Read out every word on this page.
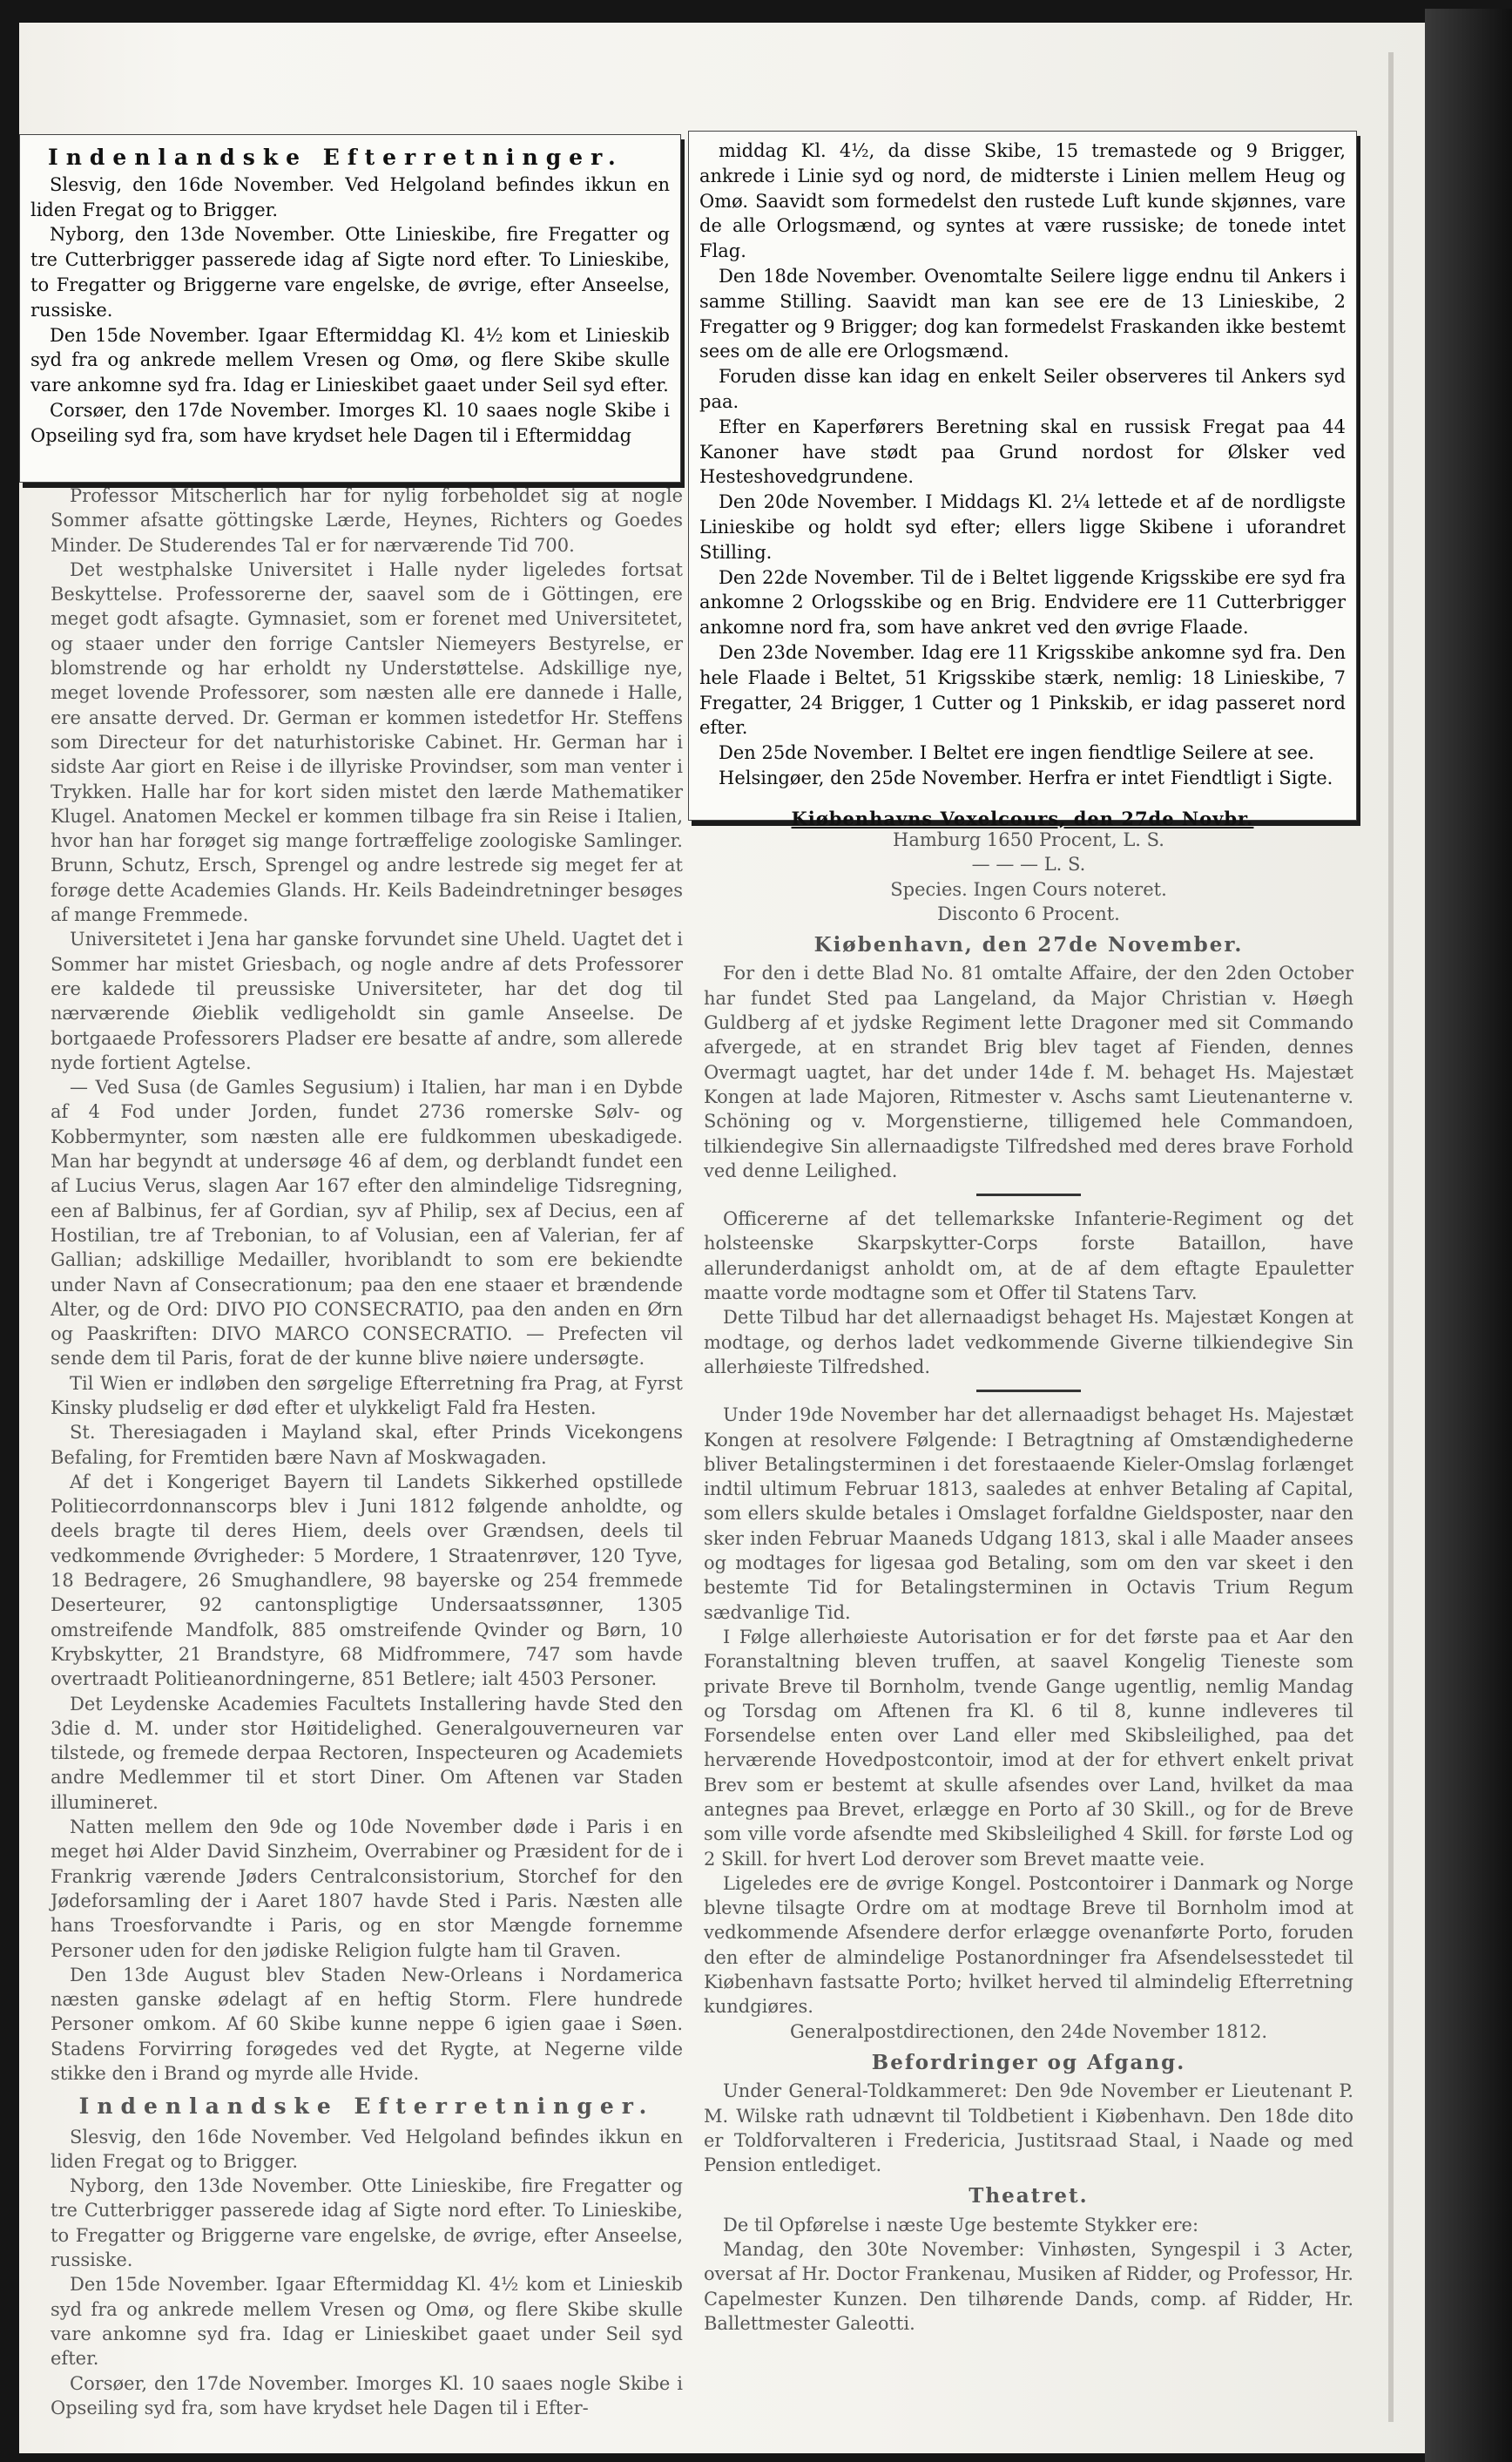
Professor Mitscherlich har for nylig forbeholdet sig at nogle Sommer afsatte göttingske Lærde, Heynes, Richters og Goedes Minder. De Studerendes Tal er for nærværende Tid 700.

Det westphalske Universitet i Halle nyder ligeledes fortsat Beskyttelse. Professorerne der, saavel som de i Göttingen, ere meget godt afsagte. Gymnasiet, som er forenet med Universitetet, og staaer under den forrige Cantsler Niemeyers Bestyrelse, er blomstrende og har erholdt ny Understøttelse. Adskillige nye, meget lovende Professorer, som næsten alle ere dannede i Halle, ere ansatte derved. Dr. German er kommen istedetfor Hr. Steffens som Directeur for det naturhistoriske Cabinet. Hr. German har i sidste Aar giort en Reise i de illyriske Provindser, som man venter i Trykken. Halle har for kort siden mistet den lærde Mathematiker Klugel. Anatomen Meckel er kommen tilbage fra sin Reise i Italien, hvor han har forøget sig mange fortræffelige zoologiske Samlinger. Brunn, Schutz, Ersch, Sprengel og andre lestrede sig meget fer at forøge dette Academies Glands. Hr. Keils Badeindretninger besøges af mange Fremmede.

Universitetet i Jena har ganske forvundet sine Uheld. Uagtet det i Sommer har mistet Griesbach, og nogle andre af dets Professorer ere kaldede til preussiske Universiteter, har det dog til nærværende Øieblik vedligeholdt sin gamle Anseelse. De bortgaaede Professorers Pladser ere besatte af andre, som allerede nyde fortient Agtelse.

— Ved Susa (de Gamles Segusium) i Italien, har man i en Dybde af 4 Fod under Jorden, fundet 2736 romerske Sølv- og Kobbermynter, som næsten alle ere fuldkommen ubeskadigede. Man har begyndt at undersøge 46 af dem, og derblandt fundet een af Lucius Verus, slagen Aar 167 efter den almindelige Tidsregning, een af Balbinus, fer af Gordian, syv af Philip, sex af Decius, een af Hostilian, tre af Trebonian, to af Volusian, een af Valerian, fer af Gallian; adskillige Medailler, hvoriblandt to som ere bekiendte under Navn af Consecrationum; paa den ene staaer et brændende Alter, og de Ord: DIVO PIO CONSECRATIO, paa den anden en Ørn og Paaskriften: DIVO MARCO CONSECRATIO. — Prefecten vil sende dem til Paris, forat de der kunne blive nøiere undersøgte.

Til Wien er indløben den sørgelige Efterretning fra Prag, at Fyrst Kinsky pludselig er død efter et ulykkeligt Fald fra Hesten.

St. Theresiagaden i Mayland skal, efter Prinds Vicekongens Befaling, for Fremtiden bære Navn af Moskwagaden.

Af det i Kongeriget Bayern til Landets Sikkerhed opstillede Politiecorrdonnanscorps blev i Juni 1812 følgende anholdte, og deels bragte til deres Hiem, deels over Grændsen, deels til vedkommende Øvrigheder: 5 Mordere, 1 Straatenrøver, 120 Tyve, 18 Bedragere, 26 Smughandlere, 98 bayerske og 254 fremmede Deserteurer, 92 cantonspligtige Undersaatssønner, 1305 omstreifende Mandfolk, 885 omstreifende Qvinder og Børn, 10 Krybskytter, 21 Brandstyre, 68 Midfrommere, 747 som havde overtraadt Politieanordningerne, 851 Betlere; ialt 4503 Personer.

Det Leydenske Academies Facultets Installering havde Sted den 3die d. M. under stor Høitidelighed. Generalgouverneuren var tilstede, og fremede derpaa Rectoren, Inspecteuren og Academiets andre Medlemmer til et stort Diner. Om Aftenen var Staden illumineret.

Natten mellem den 9de og 10de November døde i Paris i en meget høi Alder David Sinzheim, Overrabiner og Præsident for de i Frankrig værende Jøders Centralconsistorium, Storchef for den Jødeforsamling der i Aaret 1807 havde Sted i Paris. Næsten alle hans Troesforvandte i Paris, og en stor Mængde fornemme Personer uden for den jødiske Religion fulgte ham til Graven.

Den 13de August blev Staden New-Orleans i Nordamerica næsten ganske ødelagt af en heftig Storm. Flere hundrede Personer omkom. Af 60 Skibe kunne neppe 6 igien gaae i Søen. Stadens Forvirring forøgedes ved det Rygte, at Negerne vilde stikke den i Brand og myrde alle Hvide.

Indenlandske Efterretninger.

Slesvig, den 16de November. Ved Helgoland befindes ikkun en liden Fregat og to Brigger.

Nyborg, den 13de November. Otte Linieskibe, fire Fregatter og tre Cutterbrigger passerede idag af Sigte nord efter. To Linieskibe, to Fregatter og Briggerne vare engelske, de øvrige, efter Anseelse, russiske.

Den 15de November. Igaar Eftermiddag Kl. 4½ kom et Linieskib syd fra og ankrede mellem Vresen og Omø, og flere Skibe skulle vare ankomne syd fra. Idag er Linieskibet gaaet under Seil syd efter.

Corsøer, den 17de November. Imorges Kl. 10 saaes nogle Skibe i Opseiling syd fra, som have krydset hele Dagen til i Efter-

Hamburg 1650 Procent, L. S.

— — — L. S.

Species. Ingen Cours noteret.

Disconto 6 Procent.

Kiøbenhavn, den 27de November.

For den i dette Blad No. 81 omtalte Affaire, der den 2den October har fundet Sted paa Langeland, da Major Christian v. Høegh Guldberg af et jydske Regiment lette Dragoner med sit Commando afvergede, at en strandet Brig blev taget af Fienden, dennes Overmagt uagtet, har det under 14de f. M. behaget Hs. Majestæt Kongen at lade Majoren, Ritmester v. Aschs samt Lieutenanterne v. Schöning og v. Morgenstierne, tilligemed hele Commandoen, tilkiendegive Sin allernaadigste Tilfredshed med deres brave Forhold ved denne Leilighed.

Officererne af det tellemarkske Infanterie-Regiment og det holsteenske Skarpskytter-Corps forste Bataillon, have allerunderdanigst anholdt om, at de af dem eftagte Epauletter maatte vorde modtagne som et Offer til Statens Tarv.

Dette Tilbud har det allernaadigst behaget Hs. Majestæt Kongen at modtage, og derhos ladet vedkommende Giverne tilkiendegive Sin allerhøieste Tilfredshed.

Under 19de November har det allernaadigst behaget Hs. Majestæt Kongen at resolvere Følgende: I Betragtning af Omstændighederne bliver Betalingsterminen i det forestaaende Kieler-Omslag forlænget indtil ultimum Februar 1813, saaledes at enhver Betaling af Capital, som ellers skulde betales i Omslaget forfaldne Gieldsposter, naar den sker inden Februar Maaneds Udgang 1813, skal i alle Maader ansees og modtages for ligesaa god Betaling, som om den var skeet i den bestemte Tid for Betalingsterminen in Octavis Trium Regum sædvanlige Tid.

I Følge allerhøieste Autorisation er for det første paa et Aar den Foranstaltning bleven truffen, at saavel Kongelig Tieneste som private Breve til Bornholm, tvende Gange ugentlig, nemlig Mandag og Torsdag om Aftenen fra Kl. 6 til 8, kunne indleveres til Forsendelse enten over Land eller med Skibsleilighed, paa det herværende Hovedpostcontoir, imod at der for ethvert enkelt privat Brev som er bestemt at skulle afsendes over Land, hvilket da maa antegnes paa Brevet, erlægge en Porto af 30 Skill., og for de Breve som ville vorde afsendte med Skibsleilighed 4 Skill. for første Lod og 2 Skill. for hvert Lod derover som Brevet maatte veie.

Ligeledes ere de øvrige Kongel. Postcontoirer i Danmark og Norge blevne tilsagte Ordre om at modtage Breve til Bornholm imod at vedkommende Afsendere derfor erlægge ovenanførte Porto, foruden den efter de almindelige Postanordninger fra Afsendelsesstedet til Kiøbenhavn fastsatte Porto; hvilket herved til almindelig Efterretning kundgiøres.

Generalpostdirectionen, den 24de November 1812.

Befordringer og Afgang.

Under General-Toldkammeret: Den 9de November er Lieutenant P. M. Wilske rath udnævnt til Toldbetient i Kiøbenhavn. Den 18de dito er Toldforvalteren i Fredericia, Justitsraad Staal, i Naade og med Pension entlediget.

Theatret.

De til Opførelse i næste Uge bestemte Stykker ere:

Mandag, den 30te November: Vinhøsten, Syngespil i 3 Acter, oversat af Hr. Doctor Frankenau, Musiken af Ridder, og Professor, Hr. Capelmester Kunzen. Den tilhørende Dands, comp. af Ridder, Hr. Ballettmester Galeotti.

Indenlandske Efterretninger.

Slesvig, den 16de November. Ved Helgoland befindes ikkun en liden Fregat og to Brigger.

Nyborg, den 13de November. Otte Linieskibe, fire Fregatter og tre Cutterbrigger passerede idag af Sigte nord efter. To Linieskibe, to Fregatter og Briggerne vare engelske, de øvrige, efter Anseelse, russiske.

Den 15de November. Igaar Eftermiddag Kl. 4½ kom et Linieskib syd fra og ankrede mellem Vresen og Omø, og flere Skibe skulle vare ankomne syd fra. Idag er Linieskibet gaaet under Seil syd efter.

Corsøer, den 17de November. Imorges Kl. 10 saaes nogle Skibe i Opseiling syd fra, som have krydset hele Dagen til i Eftermiddag

middag Kl. 4½, da disse Skibe, 15 tremastede og 9 Brigger, ankrede i Linie syd og nord, de midterste i Linien mellem Heug og Omø. Saavidt som formedelst den rustede Luft kunde skjønnes, vare de alle Orlogsmænd, og syntes at være russiske; de tonede intet Flag.

Den 18de November. Ovenomtalte Seilere ligge endnu til Ankers i samme Stilling. Saavidt man kan see ere de 13 Linieskibe, 2 Fregatter og 9 Brigger; dog kan formedelst Fraskanden ikke bestemt sees om de alle ere Orlogsmænd.

Foruden disse kan idag en enkelt Seiler observeres til Ankers syd paa.

Efter en Kaperførers Beretning skal en russisk Fregat paa 44 Kanoner have stødt paa Grund nordost for Ølsker ved Hesteshovedgrundene.

Den 20de November. I Middags Kl. 2¼ lettede et af de nordligste Linieskibe og holdt syd efter; ellers ligge Skibene i uforandret Stilling.

Den 22de November. Til de i Beltet liggende Krigsskibe ere syd fra ankomne 2 Orlogsskibe og en Brig. Endvidere ere 11 Cutterbrigger ankomne nord fra, som have ankret ved den øvrige Flaade.

Den 23de November. Idag ere 11 Krigsskibe ankomne syd fra. Den hele Flaade i Beltet, 51 Krigsskibe stærk, nemlig: 18 Linieskibe, 7 Fregatter, 24 Brigger, 1 Cutter og 1 Pinkskib, er idag passeret nord efter.

Den 25de November. I Beltet ere ingen fiendtlige Seilere at see.

Helsingøer, den 25de November. Herfra er intet Fiendtligt i Sigte.

Kiøbenhavns Vexelcours, den 27de Novbr.
